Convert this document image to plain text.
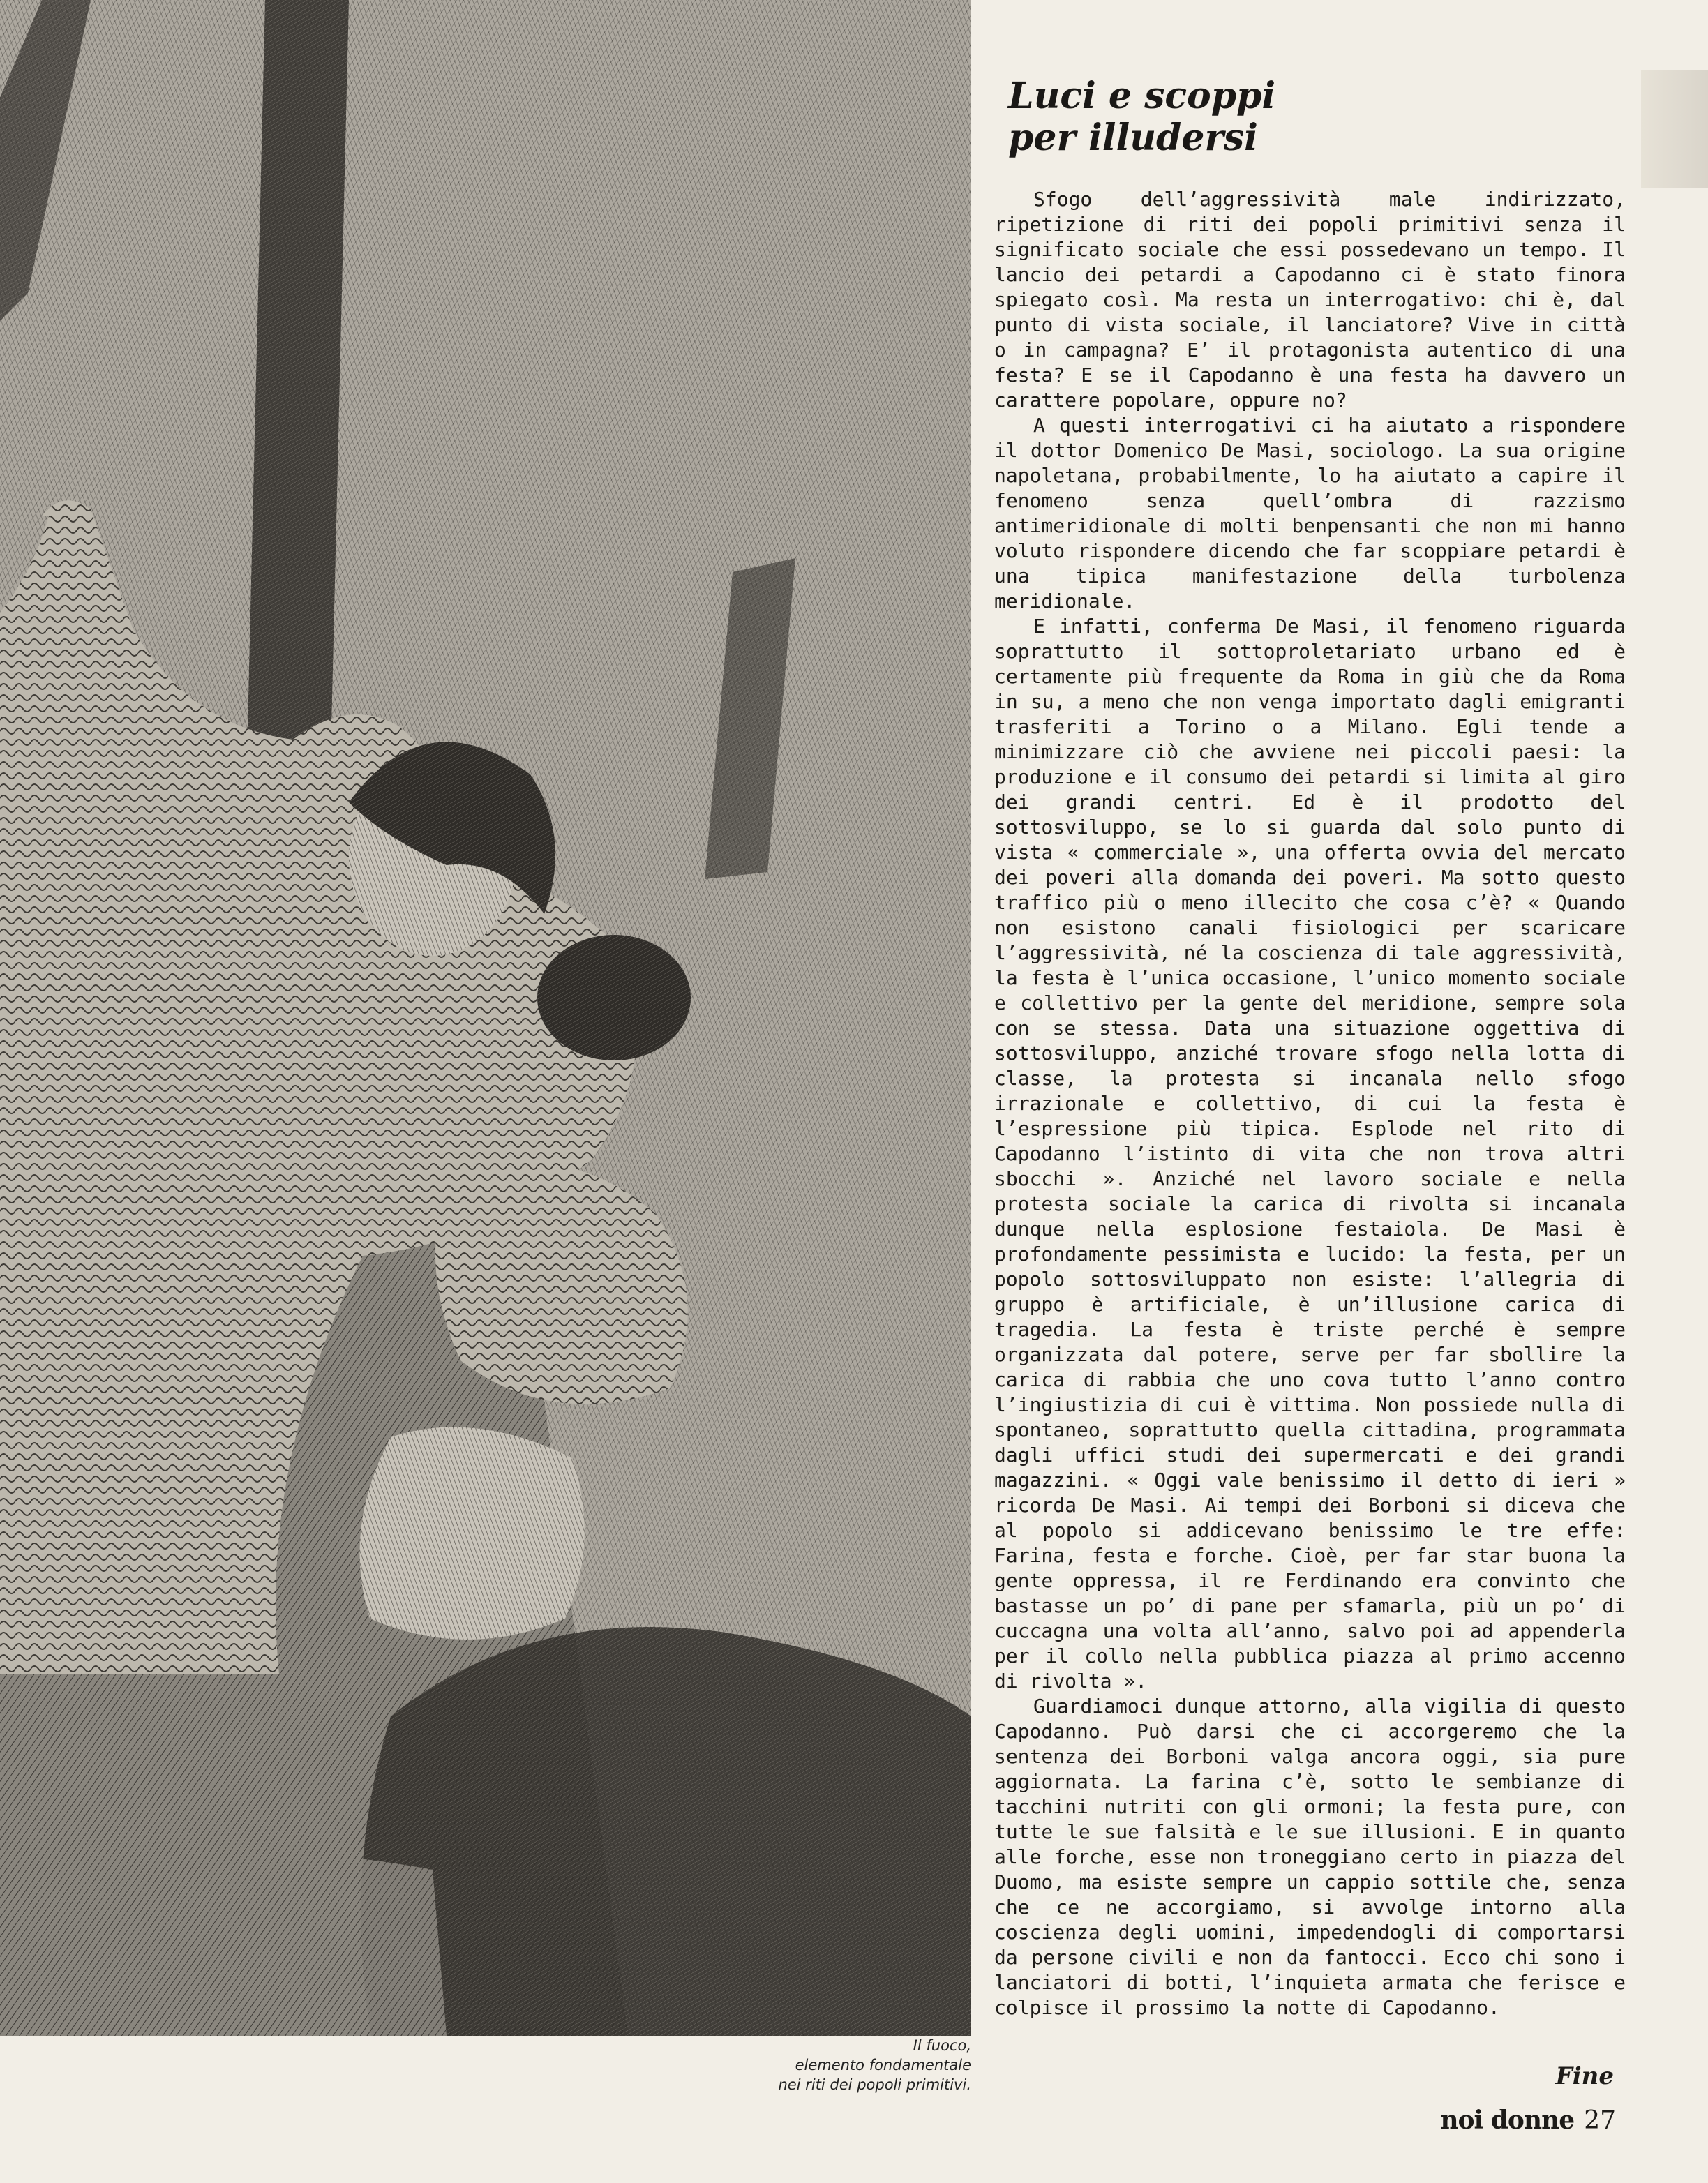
Il fuoco,
elemento fondamentale
nei riti dei popoli primitivi.
Luci e scoppi
per illudersi

Sfogo dell’aggressività male indirizzato, ripetizione di riti dei popoli primitivi senza il significato sociale che essi possedevano un tempo. Il lancio dei petardi a Capodanno ci è stato finora spiegato così. Ma resta un interrogativo: chi è, dal punto di vista sociale, il lanciatore? Vive in città o in campagna? E’ il protagonista autentico di una festa? E se il Capodanno è una festa ha davvero un carattere popolare, oppure no?

A questi interrogativi ci ha aiutato a rispondere il dottor Domenico De Masi, sociologo. La sua origine napoletana, probabilmente, lo ha aiutato a capire il fenomeno senza quell’ombra di razzismo antimeridionale di molti benpensanti che non mi hanno voluto rispondere dicendo che far scoppiare petardi è una tipica manifestazione della turbolenza meridionale.

E infatti, conferma De Masi, il fenomeno riguarda soprattutto il sottoproletariato urbano ed è certamente più frequente da Roma in giù che da Roma in su, a meno che non venga importato dagli emigranti trasferiti a Torino o a Milano. Egli tende a minimizzare ciò che avviene nei piccoli paesi: la produzione e il consumo dei petardi si limita al giro dei grandi centri. Ed è il prodotto del sottosviluppo, se lo si guarda dal solo punto di vista « commerciale », una offerta ovvia del mercato dei poveri alla domanda dei poveri. Ma sotto questo traffico più o meno illecito che cosa c’è? « Quando non esistono canali fisiologici per scaricare l’aggressività, né la coscienza di tale aggressività, la festa è l’unica occasione, l’unico momento sociale e collettivo per la gente del meridione, sempre sola con se stessa. Data una situazione oggettiva di sottosviluppo, anziché trovare sfogo nella lotta di classe, la protesta si incanala nello sfogo irrazionale e collettivo, di cui la festa è l’espressione più tipica. Esplode nel rito di Capodanno l’istinto di vita che non trova altri sbocchi ». Anziché nel lavoro sociale e nella protesta sociale la carica di rivolta si incanala dunque nella esplosione festaiola. De Masi è profondamente pessimista e lucido: la festa, per un popolo sottosviluppato non esiste: l’allegria di gruppo è artificiale, è un’illusione carica di tragedia. La festa è triste perché è sempre organizzata dal potere, serve per far sbollire la carica di rabbia che uno cova tutto l’anno contro l’ingiustizia di cui è vittima. Non possiede nulla di spontaneo, soprattutto quella cittadina, programmata dagli uffici studi dei supermercati e dei grandi magazzini. « Oggi vale benissimo il detto di ieri » ricorda De Masi. Ai tempi dei Borboni si diceva che al popolo si addicevano benissimo le tre effe: Farina, festa e forche. Cioè, per far star buona la gente oppressa, il re Ferdinando era convinto che bastasse un po’ di pane per sfamarla, più un po’ di cuccagna una volta all’anno, salvo poi ad appenderla per il collo nella pubblica piazza al primo accenno di rivolta ».

Guardiamoci dunque attorno, alla vigilia di questo Capodanno. Può darsi che ci accorgeremo che la sentenza dei Borboni valga ancora oggi, sia pure aggiornata. La farina c’è, sotto le sembianze di tacchini nutriti con gli ormoni; la festa pure, con tutte le sue falsità e le sue illusioni. E in quanto alle forche, esse non troneggiano certo in piazza del Duomo, ma esiste sempre un cappio sottile che, senza che ce ne accorgiamo, si avvolge intorno alla coscienza degli uomini, impedendogli di comportarsi da persone civili e non da fantocci. Ecco chi sono i lanciatori di botti, l’inquieta armata che ferisce e colpisce il prossimo la notte di Capodanno.

Fine
noi donne 27
